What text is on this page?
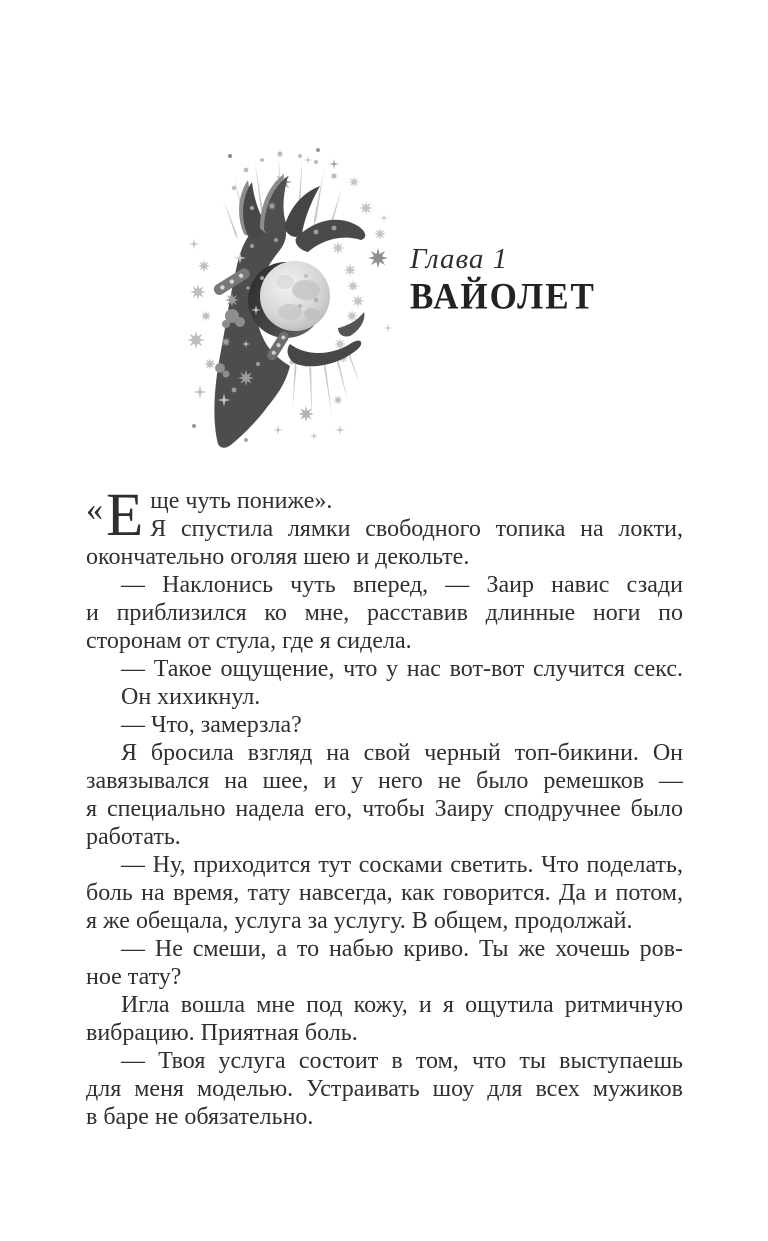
Глава 1
ВАЙОЛЕТ
« Е ще чуть пониже».
Я спустила лямки свободного топика на локти,
окончательно оголяя шею и декольте.
— Наклонись чуть вперед, — Заир навис сзади
и приблизился ко мне, расставив длинные ноги по
сторонам от стула, где я сидела.
— Такое ощущение, что у нас вот-вот случится секс.
Он хихикнул.
— Что, замерзла?
Я бросила взгляд на свой черный топ-бикини. Он
завязывался на шее, и у него не было ремешков —
я специально надела его, чтобы Заиру сподручнее было
работать.
— Ну, приходится тут сосками светить. Что поделать,
боль на время, тату навсегда, как говорится. Да и потом,
я же обещала, услуга за услугу. В общем, продолжай.
— Не смеши, а то набью криво. Ты же хочешь ров-
ное тату?
Игла вошла мне под кожу, и я ощутила ритмичную
вибрацию. Приятная боль.
— Твоя услуга состоит в том, что ты выступаешь
для меня моделью. Устраивать шоу для всех мужиков
в баре не обязательно.
